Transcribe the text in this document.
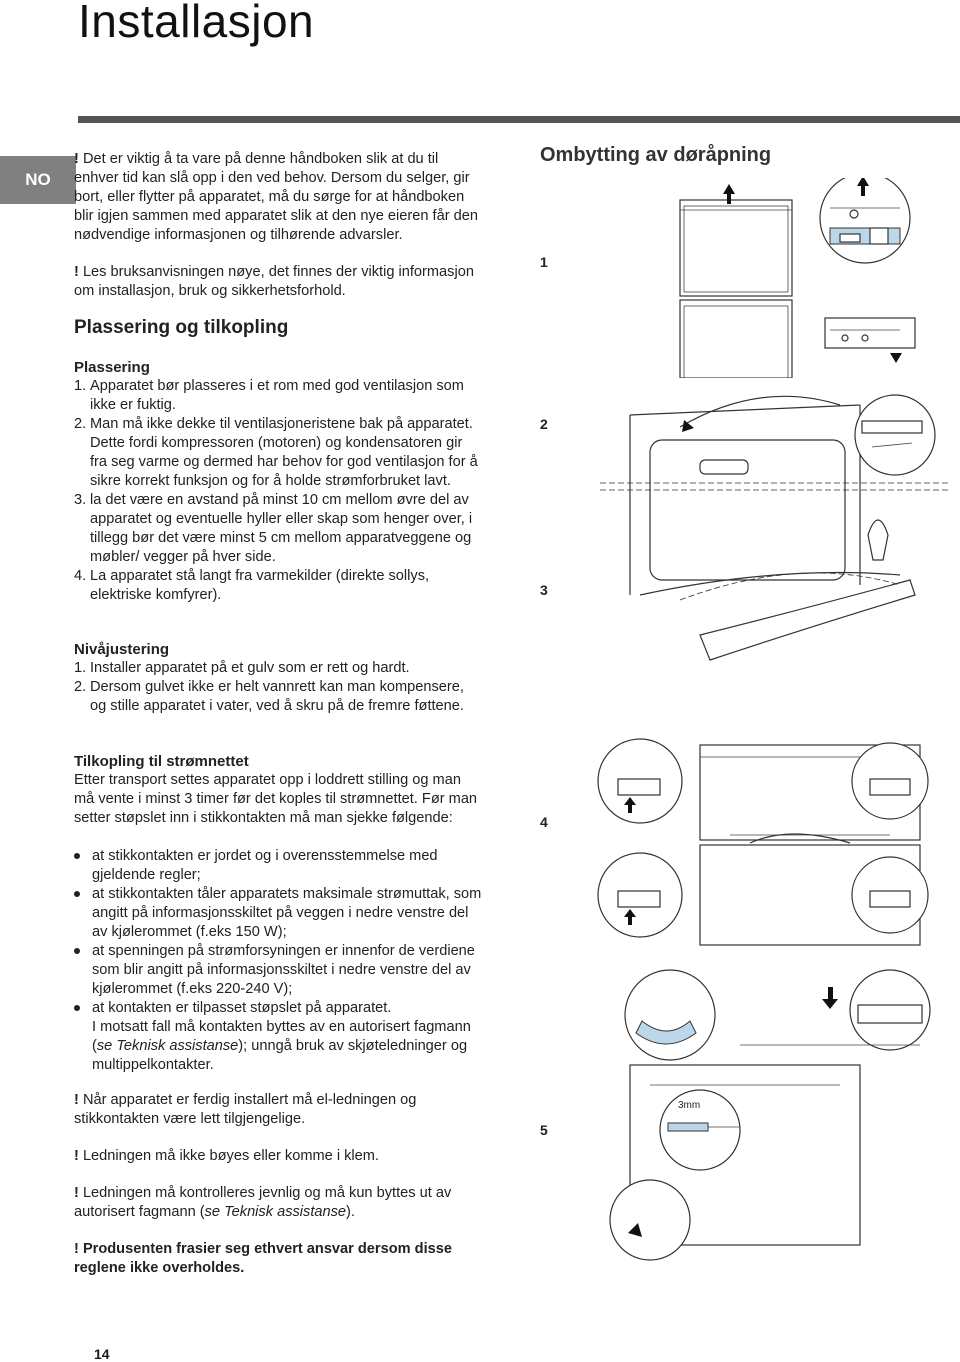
Installasjon
NO

! Det er viktig å ta vare på denne håndboken slik at du til enhver tid kan slå opp i den ved behov. Dersom du selger, gir bort, eller flytter på apparatet, må du sørge for at håndboken blir igjen sammen med apparatet slik at den nye eieren får den nødvendige informasjonen og tilhørende advarsler.

! Les bruksanvisningen nøye, det finnes der viktig informasjon om installasjon, bruk og sikkerhetsforhold.

Plassering og tilkopling
Plassering
1. Apparatet bør plasseres i et rom med god ventilasjon som ikke er fuktig.
2. Man må ikke dekke til ventilasjoneristene bak på apparatet. Dette fordi kompressoren (motoren) og kondensatoren gir fra seg varme og dermed har behov for god ventilasjon for å sikre korrekt funksjon og for å holde strømforbruket lavt.
3. la det være en avstand på minst 10 cm mellom øvre del av apparatet og eventuelle hyller eller skap som henger over, i tillegg bør det være minst 5 cm mellom apparatveggene og møbler/ vegger på hver side.
4. La apparatet stå langt fra varmekilder (direkte sollys, elektriske komfyrer).
Nivåjustering
1. Installer apparatet på et gulv som er rett og hardt.
2. Dersom gulvet ikke er helt vannrett kan man kompensere, og stille apparatet i vater, ved å skru på de fremre føttene.
Tilkopling til strømnettet

Etter transport settes apparatet opp i loddrett stilling og man må vente i minst 3 timer før det koples til strømnettet. Før man setter støpslet inn i stikkontakten må man sjekke følgende:

at stikkontakten er jordet og i overensstemmelse med gjeldende regler;
at stikkontakten tåler apparatets maksimale strømuttak, som angitt på informasjonsskiltet på veggen i nedre venstre del av kjølerommet (f.eks 150 W);
at spenningen på strømforsyningen er innenfor de verdiene som blir angitt på informasjonsskiltet i nedre venstre del av kjølerommet (f.eks 220-240 V);
at kontakten er tilpasset støpslet på apparatet.
I motsatt fall må kontakten byttes av en autorisert fagmann (se Teknisk assistanse); unngå bruk av skjøteledninger og multippelkontakter.

! Når apparatet er ferdig installert må el-ledningen og stikkontakten være lett tilgjengelige.

! Ledningen må ikke bøyes eller komme i klem.

! Ledningen må kontrolleres jevnlig og må kun byttes ut av autorisert fagmann (se Teknisk assistanse).

! Produsenten frasier seg ethvert ansvar dersom disse reglene ikke overholdes.

Ombytting av døråpning
1
2
3
4
5
3mm
14
